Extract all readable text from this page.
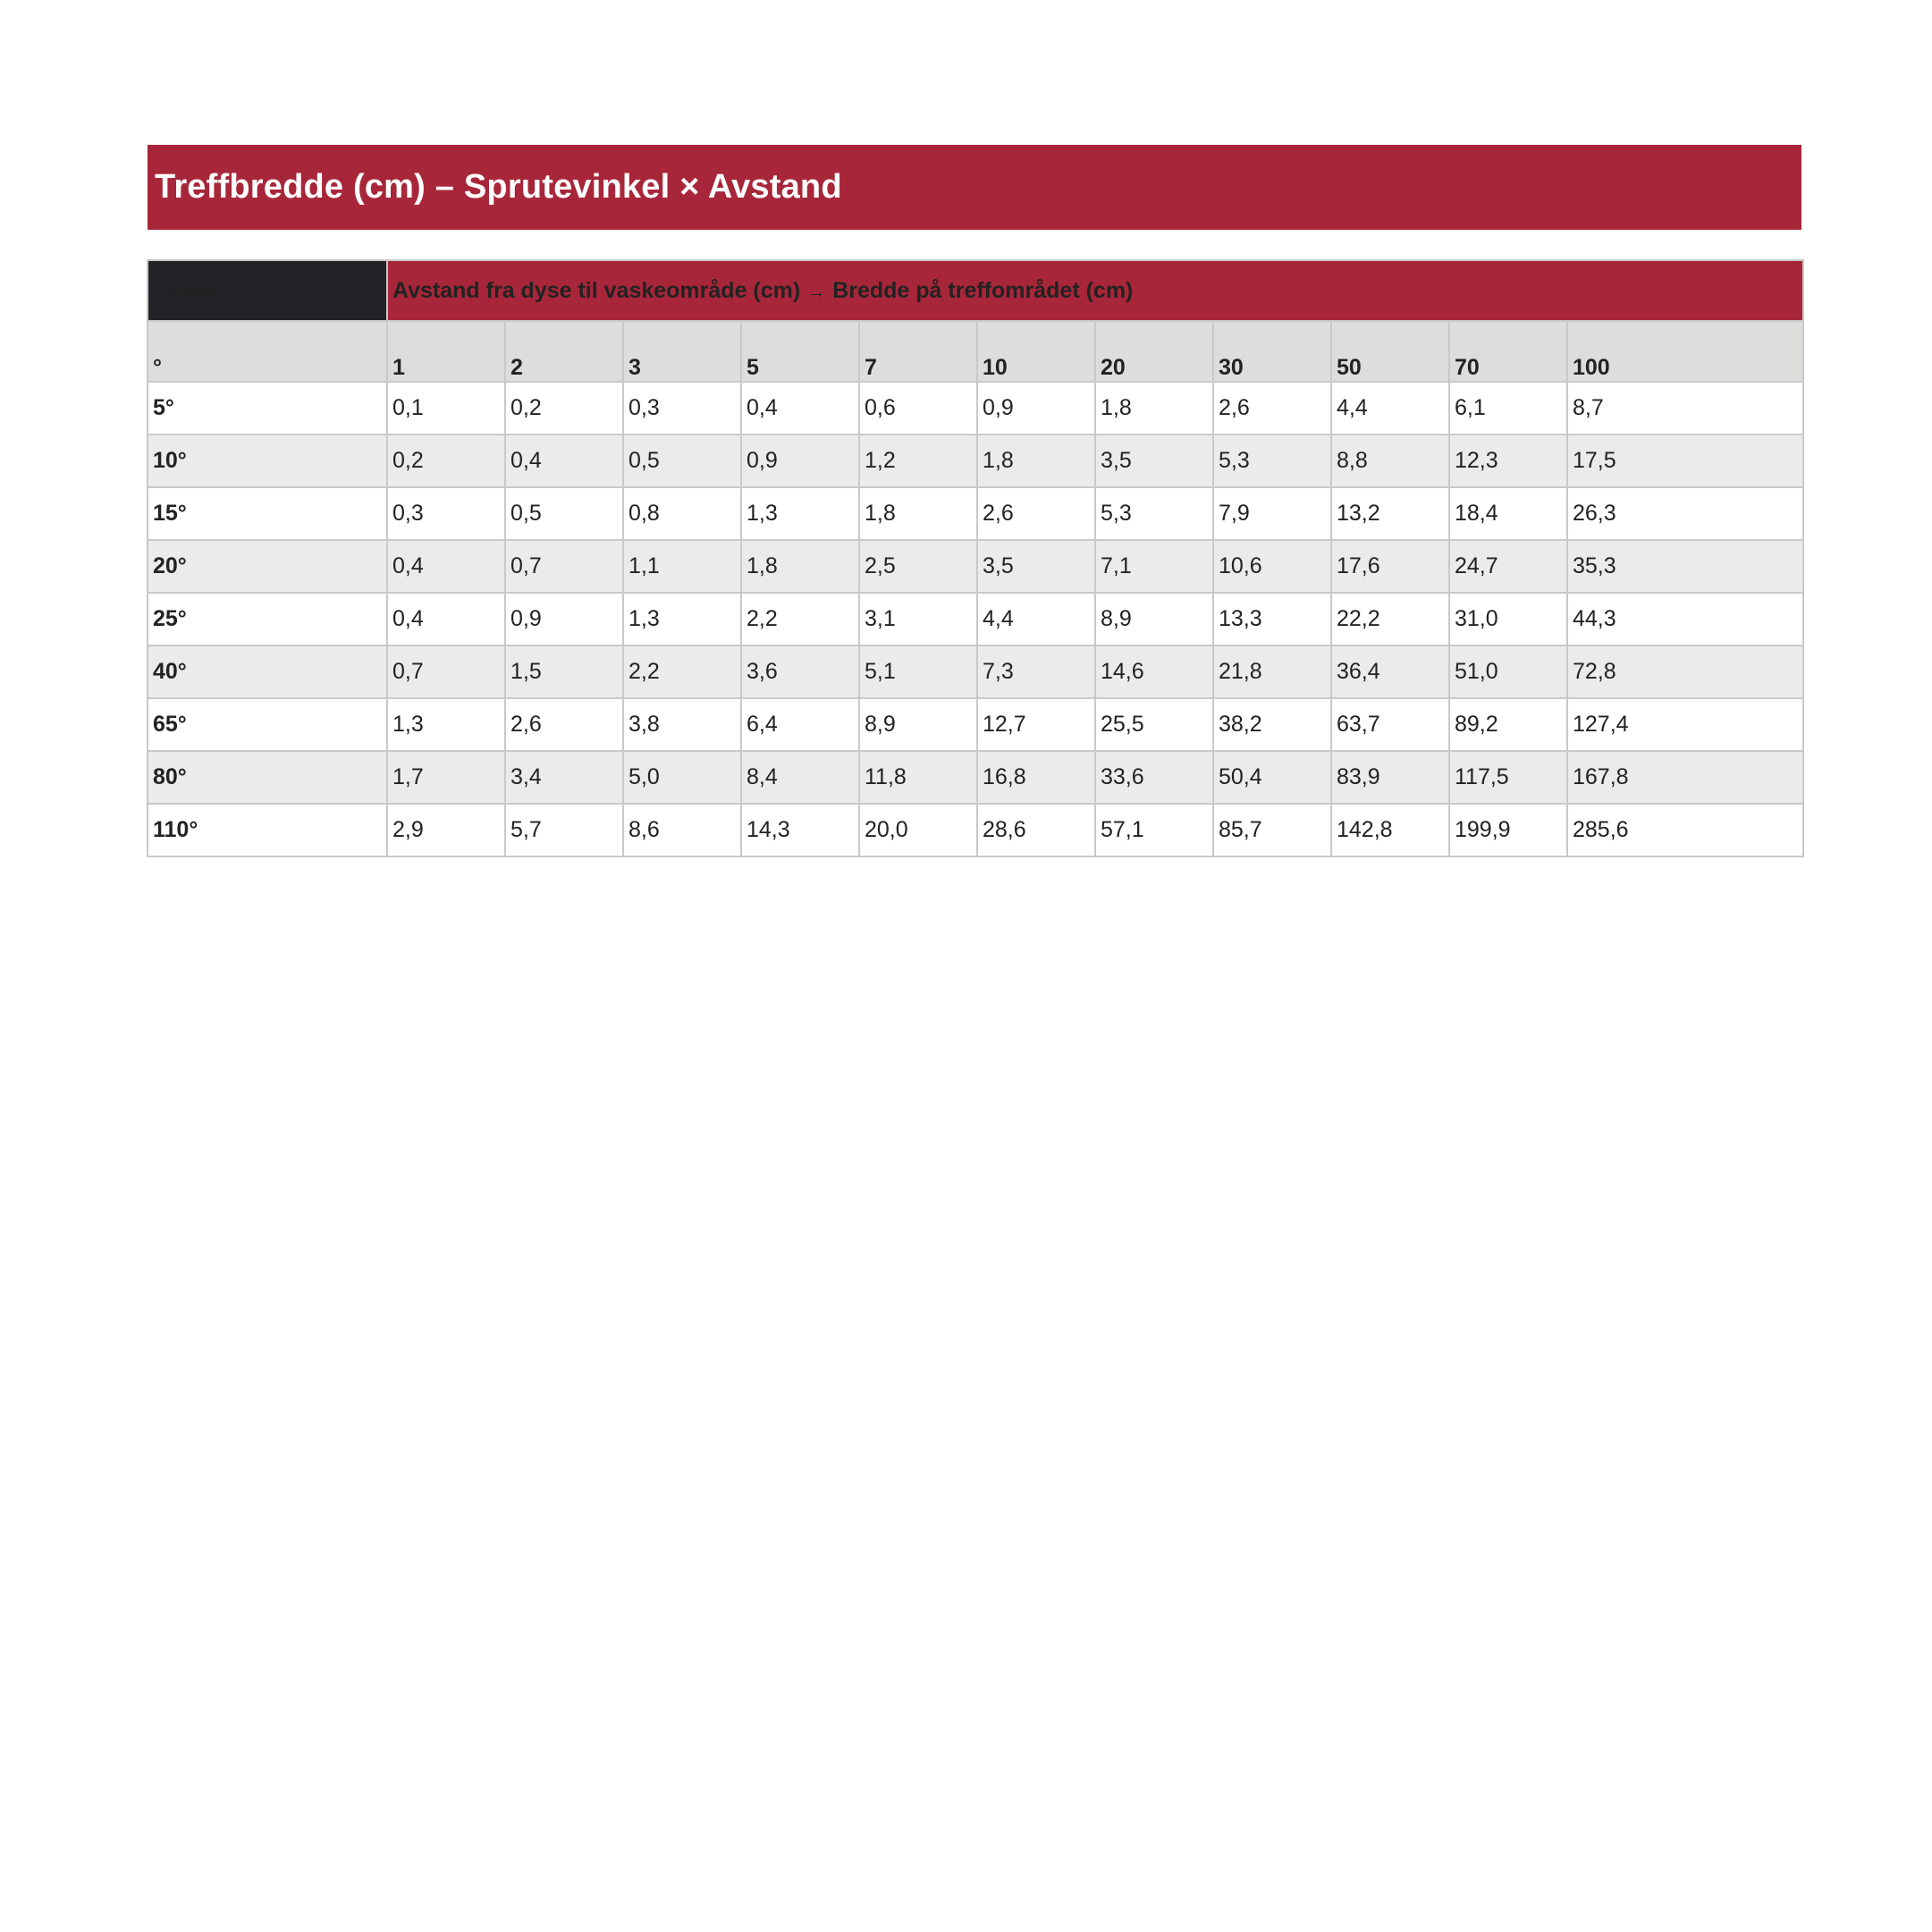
Treffbredde (cm) – Sprutevinkel × Avstand
Vinkel	Avstand fra dyse til vaskeområde (cm) → Bredde på treffområdet (cm)										
°	1	2	3	5	7	10	20	30	50	70	100
5°	0,1	0,2	0,3	0,4	0,6	0,9	1,8	2,6	4,4	6,1	8,7
10°	0,2	0,4	0,5	0,9	1,2	1,8	3,5	5,3	8,8	12,3	17,5
15°	0,3	0,5	0,8	1,3	1,8	2,6	5,3	7,9	13,2	18,4	26,3
20°	0,4	0,7	1,1	1,8	2,5	3,5	7,1	10,6	17,6	24,7	35,3
25°	0,4	0,9	1,3	2,2	3,1	4,4	8,9	13,3	22,2	31,0	44,3
40°	0,7	1,5	2,2	3,6	5,1	7,3	14,6	21,8	36,4	51,0	72,8
65°	1,3	2,6	3,8	6,4	8,9	12,7	25,5	38,2	63,7	89,2	127,4
80°	1,7	3,4	5,0	8,4	11,8	16,8	33,6	50,4	83,9	117,5	167,8
110°	2,9	5,7	8,6	14,3	20,0	28,6	57,1	85,7	142,8	199,9	285,6
